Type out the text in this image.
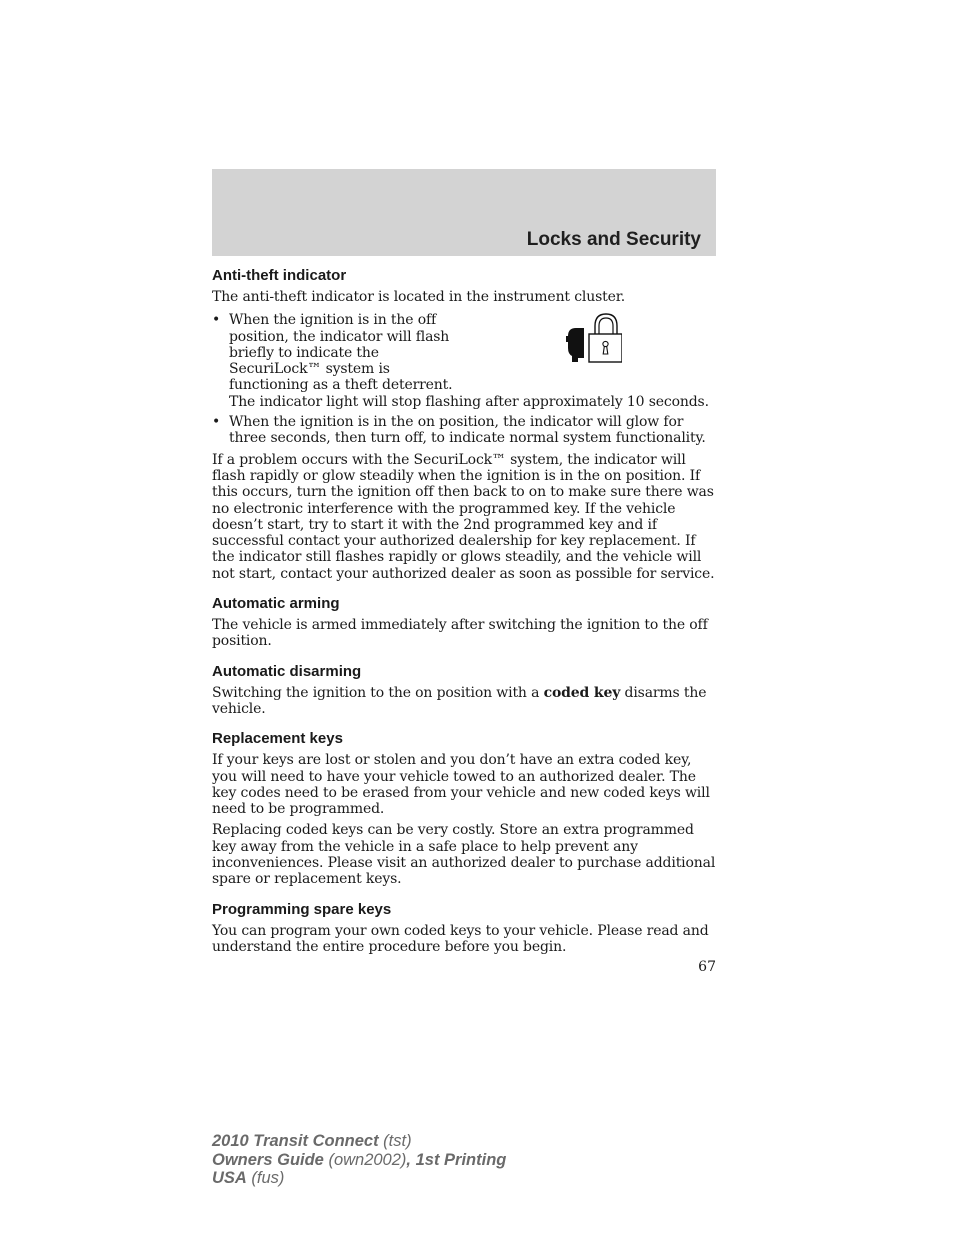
Locks and Security
Anti-theft indicator

The anti-theft indicator is located in the instrument cluster.

• When the ignition is in the off
position, the indicator will flash
briefly to indicate the
SecuriLock™ system is
functioning as a theft deterrent.
The indicator light will stop flashing after approximately 10 seconds.
• When the ignition is in the on position, the indicator will glow for three seconds, then turn off, to indicate normal system functionality.

If a problem occurs with the SecuriLock™ system, the indicator will flash rapidly or glow steadily when the ignition is in the on position. If this occurs, turn the ignition off then back to on to make sure there was no electronic interference with the programmed key. If the vehicle doesn’t start, try to start it with the 2nd programmed key and if successful contact your authorized dealership for key replacement. If the indicator still flashes rapidly or glows steadily, and the vehicle will not start, contact your authorized dealer as soon as possible for service.

Automatic arming

The vehicle is armed immediately after switching the ignition to the off position.

Automatic disarming

Switching the ignition to the on position with a coded key disarms the vehicle.

Replacement keys

If your keys are lost or stolen and you don’t have an extra coded key, you will need to have your vehicle towed to an authorized dealer. The key codes need to be erased from your vehicle and new coded keys will need to be programmed.

Replacing coded keys can be very costly. Store an extra programmed key away from the vehicle in a safe place to help prevent any inconveniences. Please visit an authorized dealer to purchase additional spare or replacement keys.

Programming spare keys

You can program your own coded keys to your vehicle. Please read and understand the entire procedure before you begin.

67
2010 Transit Connect (tst)
Owners Guide (own2002), 1st Printing
USA (fus)
